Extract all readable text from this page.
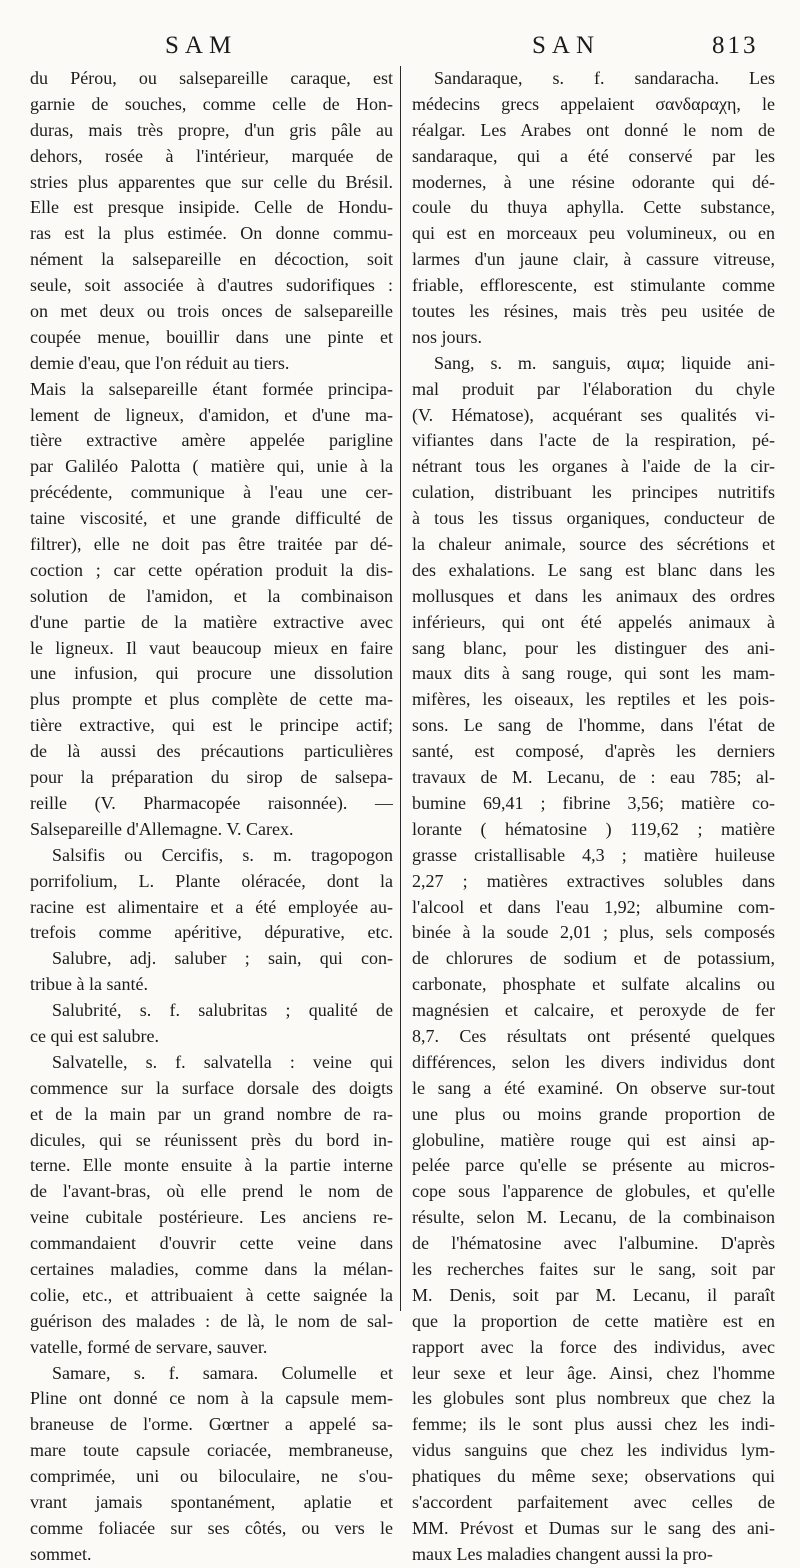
SAM	SAN	813
du Pérou, ou salsepareille caraque, est
garnie de souches, comme celle de Hon-
duras, mais très propre, d'un gris pâle au
dehors, rosée à l'intérieur, marquée de
stries plus apparentes que sur celle du Brésil.
Elle est presque insipide. Celle de Hondu-
ras est la plus estimée. On donne commu-
nément la salsepareille en décoction, soit
seule, soit associée à d'autres sudorifiques :
on met deux ou trois onces de salsepareille
coupée menue, bouillir dans une pinte et
demie d'eau, que l'on réduit au tiers.
Mais la salsepareille étant formée principa-
lement de ligneux, d'amidon, et d'une ma-
tière extractive amère appelée pariglinе
par Galiléo Palotta ( matière qui, unie à la
précédente, communique à l'eau une cer-
taine viscosité, et une grande difficulté de
filtrer), elle ne doit pas être traitée par dé-
coction ; car cette opération produit la dis-
solution de l'amidon, et la combinaison
d'une partie de la matière extractive avec
le ligneux. Il vaut beaucoup mieux en faire
une infusion, qui procure une dissolution
plus prompte et plus complète de cette ma-
tière extractive, qui est le principe actif;
de là aussi des précautions particulières
pour la préparation du sirop de salsepa-
reille (V. Pharmacopée raisonnée). —
Salsepareille d'Allemagne. V. Carex.
Salsifis ou Cercifis, s. m. tragopogon
porrifolium, L. Plante oléracée, dont la
racine est alimentaire et a été employée au-
trefois comme apéritive, dépurative, etc.
Salubre, adj. saluber ; sain, qui con-
tribue à la santé.
Salubrité, s. f. salubritas ; qualité de
ce qui est salubre.
Salvatelle, s. f. salvatella : veine qui
commence sur la surface dorsale des doigts
et de la main par un grand nombre de ra-
dicules, qui se réunissent près du bord in-
terne. Elle monte ensuite à la partie interne
de l'avant-bras, où elle prend le nom de
veine cubitale postérieure. Les anciens re-
commandaient d'ouvrir cette veine dans
certaines maladies, comme dans la mélan-
colie, etc., et attribuaient à cette saignée la
guérison des malades : de là, le nom de sal-
vatelle, formé de servare, sauver.
Samare, s. f. samara. Columelle et
Pline ont donné ce nom à la capsule mem-
braneuse de l'orme. Gœrtner a appelé sa-
mare toute capsule coriacée, membraneuse,
comprimée, uni ou biloculaire, ne s'ou-
vrant jamais spontanément, aplatie et
comme foliacée sur ses côtés, ou vers le
sommet.
Sandaraque, s. f. sandaracha. Les
médecins grecs appelaient σανδαραχη, le
réalgar. Les Arabes ont donné le nom de
sandaraque, qui a été conservé par les
modernes, à une résine odorante qui dé-
coule du thuya aphylla. Cette substance,
qui est en morceaux peu volumineux, ou en
larmes d'un jaune clair, à cassure vitreuse,
friable, efflorescente, est stimulante comme
toutes les résines, mais très peu usitée de
nos jours.
Sang, s. m. sanguis, αιμα; liquide ani-
mal produit par l'élaboration du chyle
(V. Hématose), acquérant ses qualités vi-
vifiantes dans l'acte de la respiration, pé-
nétrant tous les organes à l'aide de la cir-
culation, distribuant les principes nutritifs
à tous les tissus organiques, conducteur de
la chaleur animale, source des sécrétions et
des exhalations. Le sang est blanc dans les
mollusques et dans les animaux des ordres
inférieurs, qui ont été appelés animaux à
sang blanc, pour les distinguer des ani-
maux dits à sang rouge, qui sont les mam-
mifères, les oiseaux, les reptiles et les pois-
sons. Le sang de l'homme, dans l'état de
santé, est composé, d'après les derniers
travaux de M. Lecanu, de : eau 785; al-
bumine 69,41 ; fibrine 3,56; matière co-
lorante ( hématosine ) 119,62 ; matière
grasse cristallisable 4,3 ; matière huileuse
2,27 ; matières extractives solubles dans
l'alcool et dans l'eau 1,92; albumine com-
binée à la soude 2,01 ; plus, sels composés
de chlorures de sodium et de potassium,
carbonate, phosphate et sulfate alcalins ou
magnésien et calcaire, et peroxyde de fer
8,7. Ces résultats ont présenté quelques
différences, selon les divers individus dont
le sang a été examiné. On observe sur-tout
une plus ou moins grande proportion de
globuline, matière rouge qui est ainsi ap-
pelée parce qu'elle se présente au micros-
cope sous l'apparence de globules, et qu'elle
résulte, selon M. Lecanu, de la combinaison
de l'hématosine avec l'albumine. D'après
les recherches faites sur le sang, soit par
M. Denis, soit par M. Lecanu, il paraît
que la proportion de cette matière est en
rapport avec la force des individus, avec
leur sexe et leur âge. Ainsi, chez l'homme
les globules sont plus nombreux que chez la
femme; ils le sont plus aussi chez les indi-
vidus sanguins que chez les individus lym-
phatiques du même sexe; observations qui
s'accordent parfaitement avec celles de
MM. Prévost et Dumas sur le sang des ani-
maux Les maladies changent aussi la pro-
